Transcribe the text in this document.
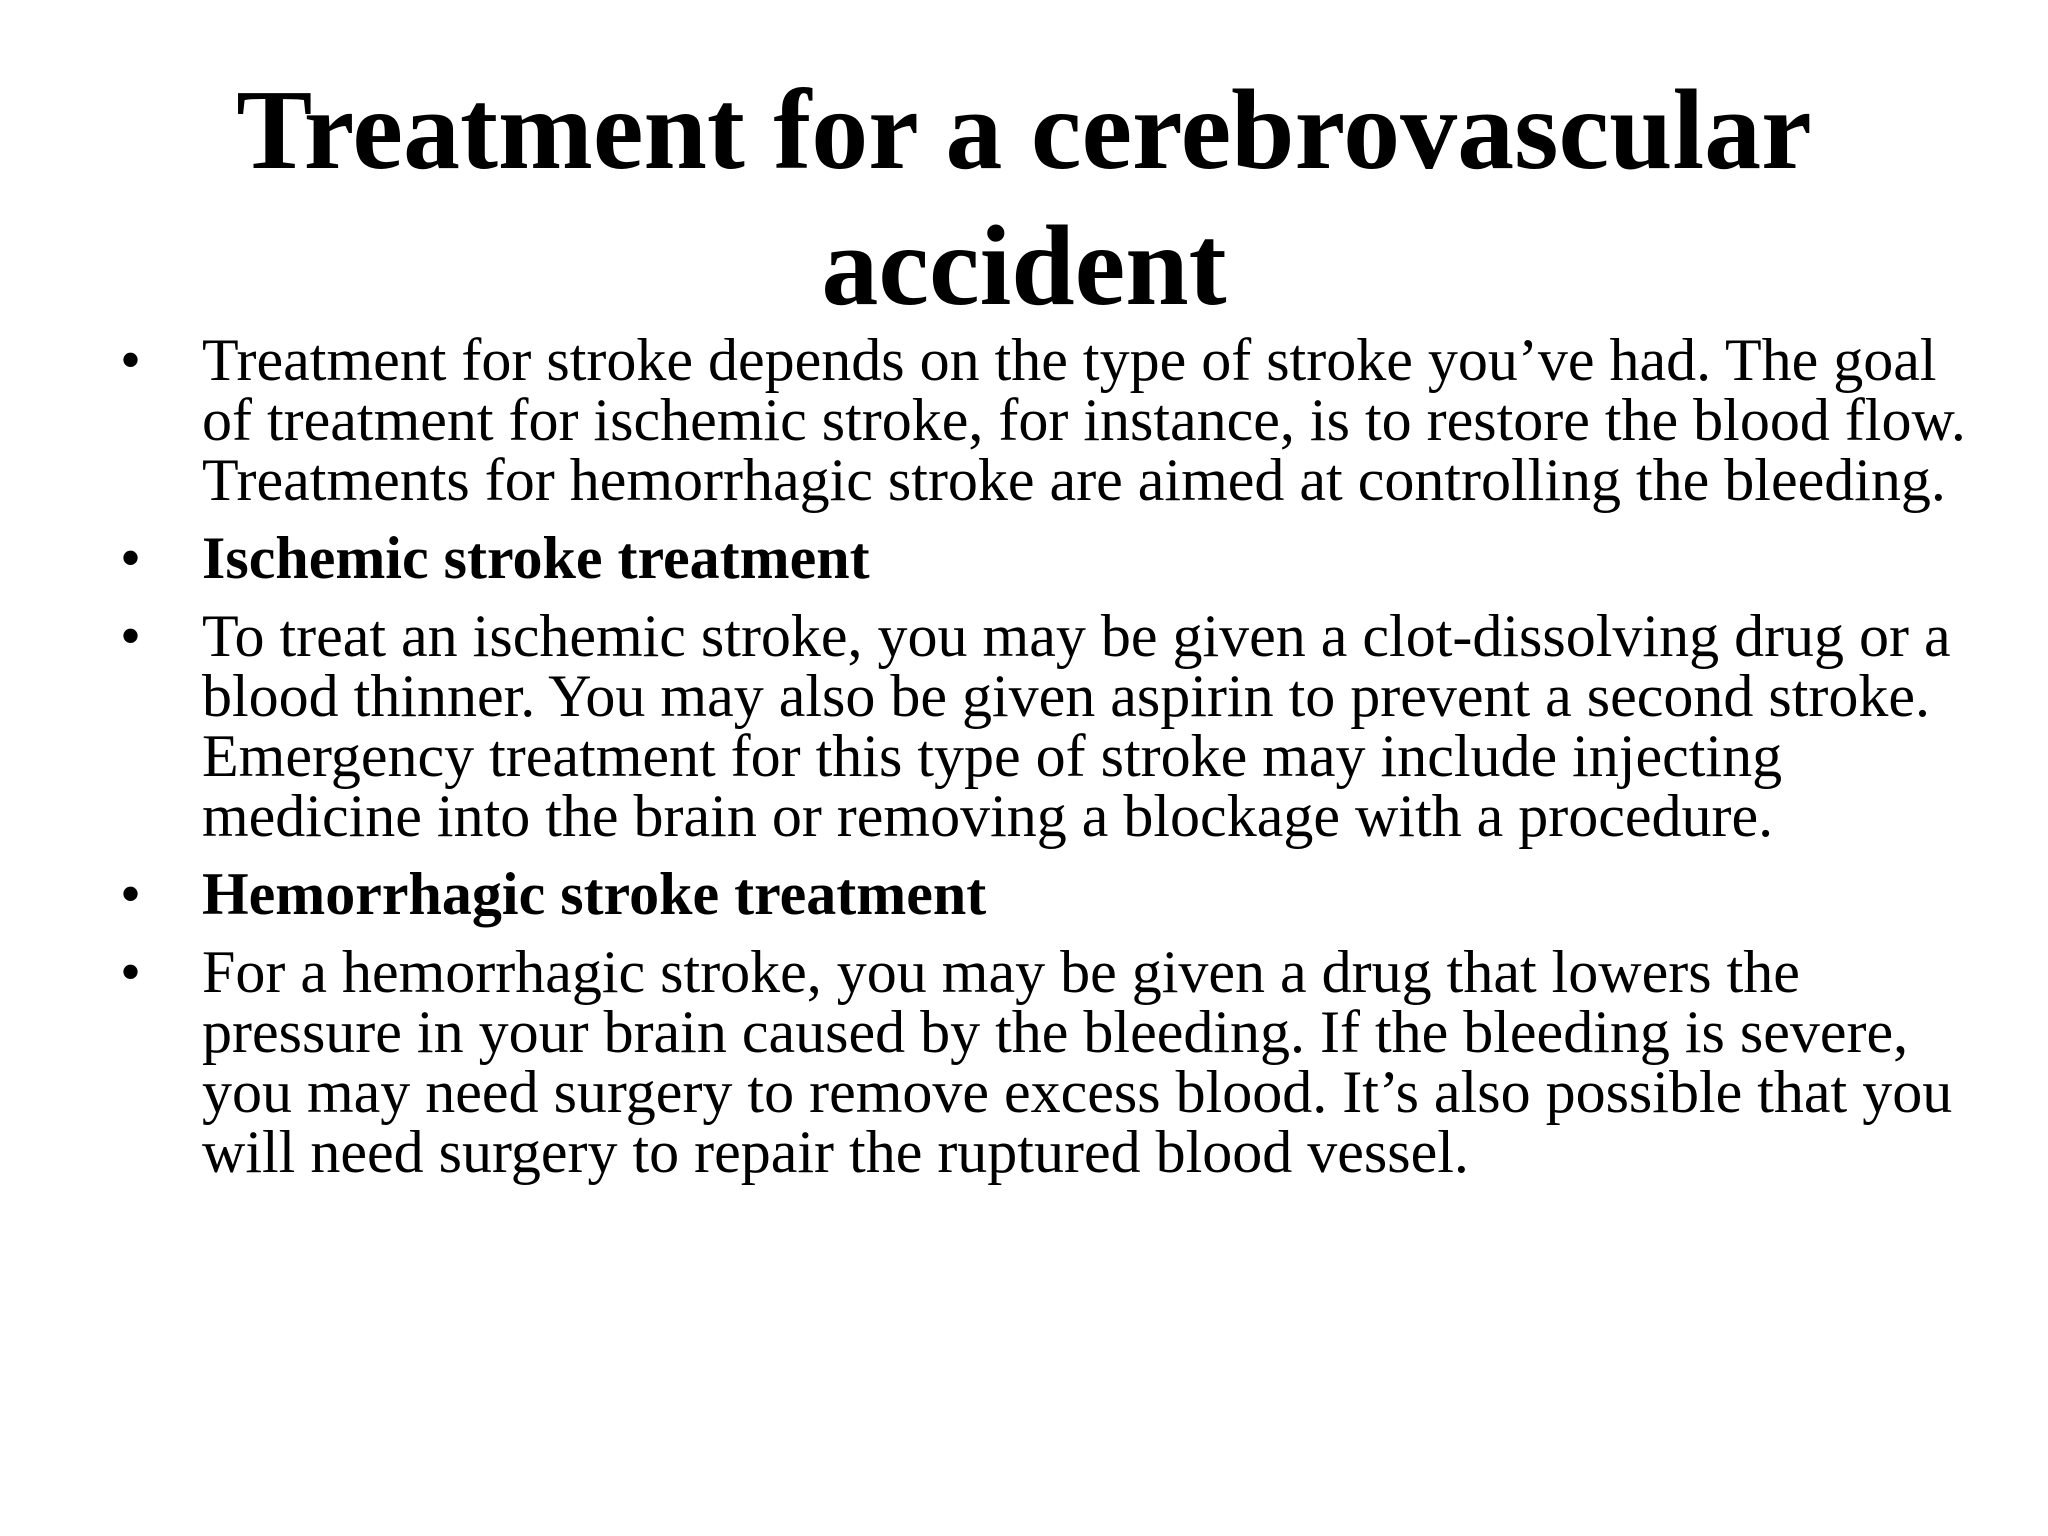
Treatment for a cerebrovascular accident
• Treatment for stroke depends on the type of stroke you’ve had. The goal of treatment for ischemic stroke, for instance, is to restore the blood flow. Treatments for hemorrhagic stroke are aimed at controlling the bleeding.
• Ischemic stroke treatment
• To treat an ischemic stroke, you may be given a clot-dissolving drug or a blood thinner. You may also be given aspirin to prevent a second stroke. Emergency treatment for this type of stroke may include injecting medicine into the brain or removing a blockage with a procedure.
• Hemorrhagic stroke treatment
• For a hemorrhagic stroke, you may be given a drug that lowers the pressure in your brain caused by the bleeding. If the bleeding is severe, you may need surgery to remove excess blood. It’s also possible that you will need surgery to repair the ruptured blood vessel.
